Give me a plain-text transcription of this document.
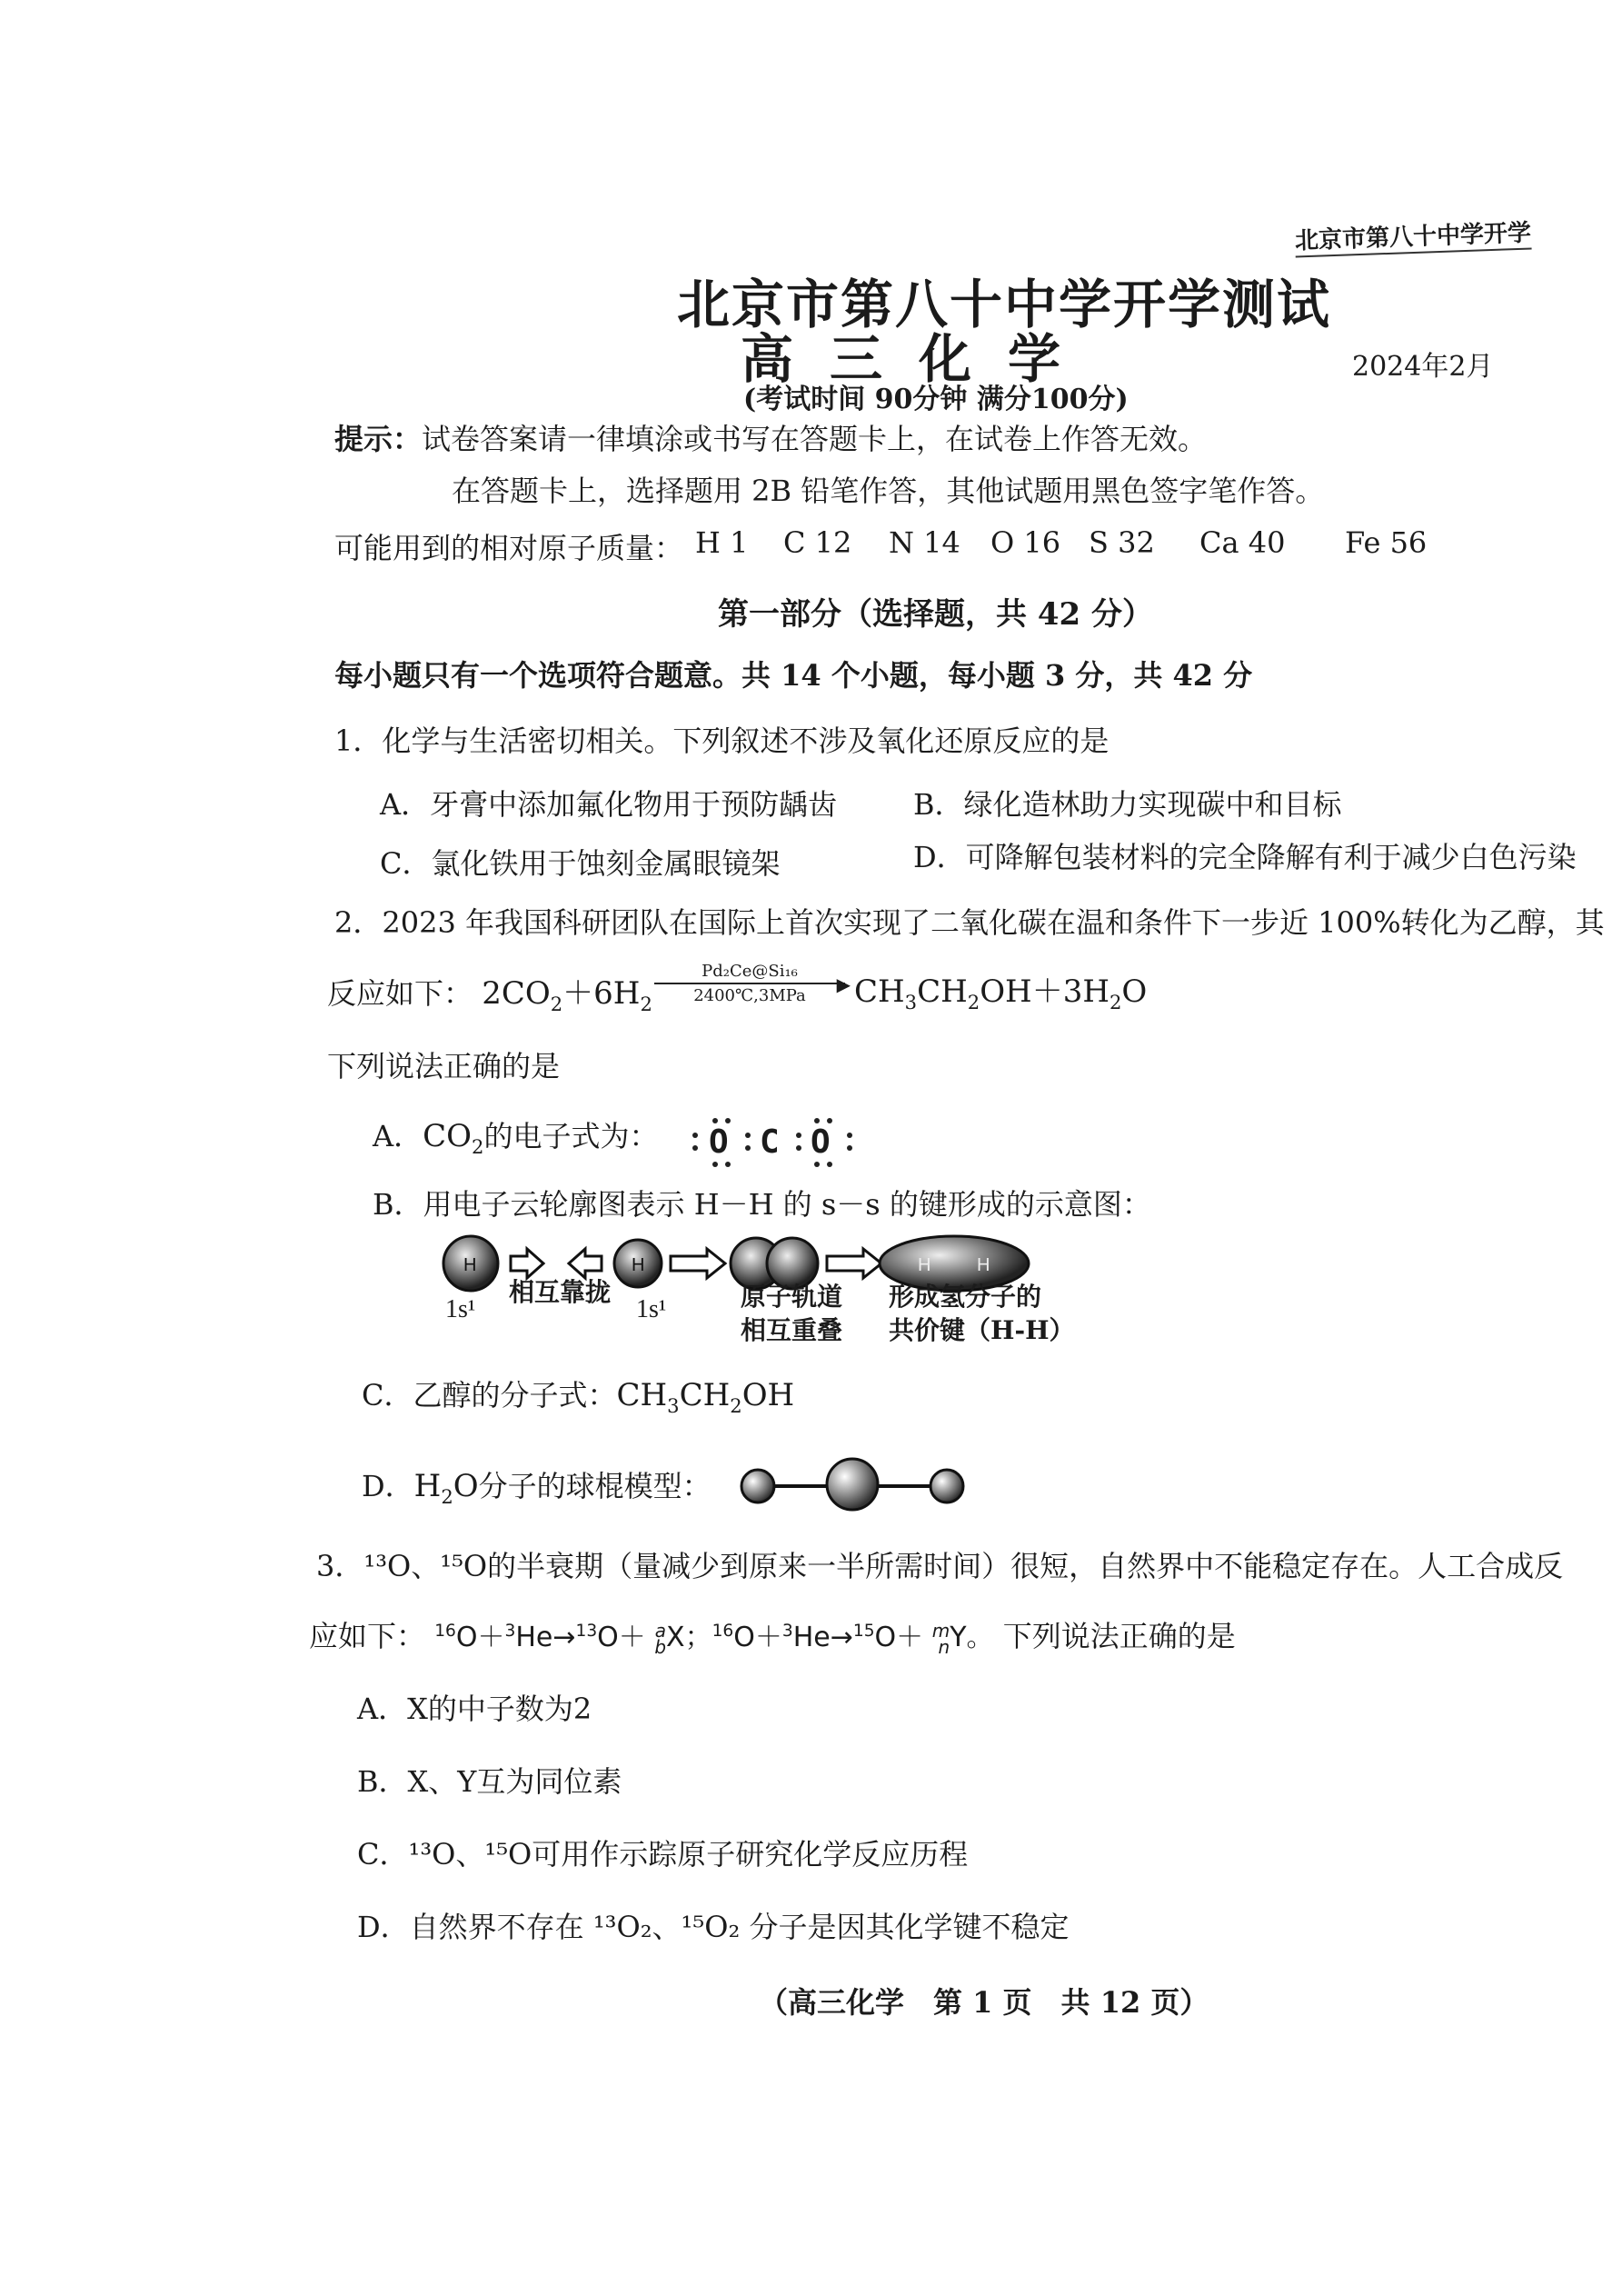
北京市第八十中学开学
北京市第八十中学开学测试
高三化学	2024年2月
(考试时间 90分钟 满分100分)
提示：试卷答案请一律填涂或书写在答题卡上，在试卷上作答无效。
在答题卡上，选择题用 2B 铅笔作答，其他试题用黑色签字笔作答。
可能用到的相对原子质量： H 1 C 12 N 14 O 16 S 32 Ca 40 Fe 56
第一部分（选择题，共 42 分）
每小题只有一个选项符合题意。共 14 个小题，每小题 3 分，共 42 分
1．化学与生活密切相关。下列叙述不涉及氧化还原反应的是
A．牙膏中添加氟化物用于预防龋齿	B．绿化造林助力实现碳中和目标
C．氯化铁用于蚀刻金属眼镜架	D．可降解包装材料的完全降解有利于减少白色污染
2．2023 年我国科研团队在国际上首次实现了二氧化碳在温和条件下一步近 100%转化为乙醇，其
反应如下： $2CO_2+6H_2$
Pd₂Ce@Si₁₆
▶
2400℃,3MPa	$CH_3CH_2OH+3H_2O$
下列说法正确的是
A．$CO_2$的电子式为： O C O
B．用电子云轮廓图表示 H－H 的 s－s 的键形成的示意图：
H	H	H	H
1s¹
相互靠拢
1s¹	原子轨道
相互重叠
形成氢分子的
共价键（H-H）
C．乙醇的分子式：$CH_3CH_2OH$
D．$H_2O$分子的球棍模型：
3．¹³O、¹⁵O的半衰期（量减少到原来一半所需时间）很短，自然界中不能稳定存在。人工合成反
应如下： $^{16}$O＋$^3$He→$^{13}$O＋ a
bX；$^{16}$O＋$^3$He→$^{15}$O＋ m
nY。 下列说法正确的是
A．X的中子数为2
B．X、Y互为同位素
C．¹³O、¹⁵O可用作示踪原子研究化学反应历程
D．自然界不存在 ¹³O₂、¹⁵O₂ 分子是因其化学键不稳定
（高三化学　第 1 页　共 12 页）
